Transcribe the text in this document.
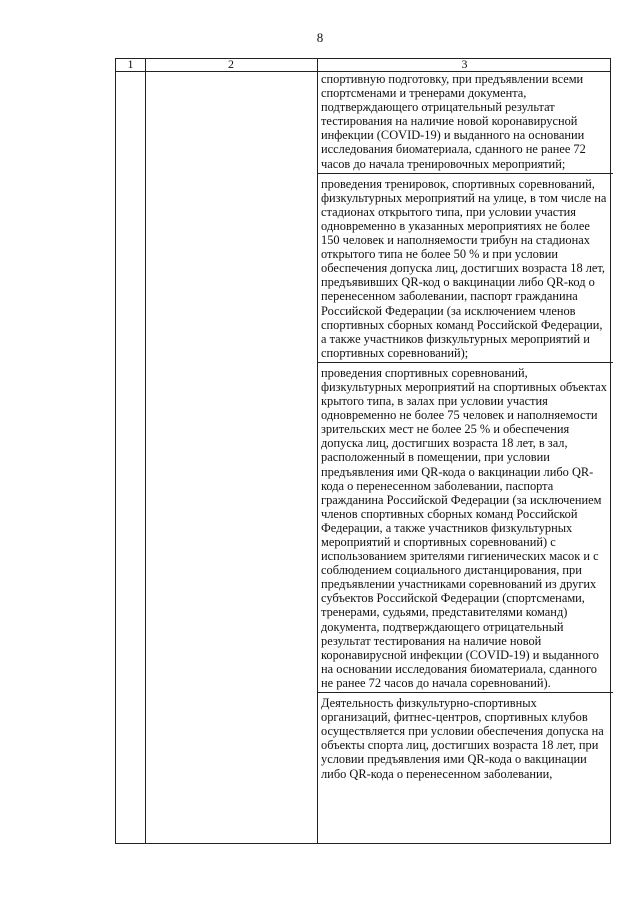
8
1	2	3

спортивную подготовку, при предъявлении всеми спортсменами и тренерами документа, подтверждающего отрицательный результат тестирования на наличие новой коронавирусной инфекции (COVID-19) и выданного на основании исследования биоматериала, сданного не ранее 72 часов до начала тренировочных мероприятий;

проведения тренировок, спортивных соревнований, физкультурных мероприятий на улице, в том числе на стадионах открытого типа, при условии участия одновременно в указанных мероприятиях не более 150 человек и наполняемости трибун на стадионах открытого типа не более 50 % и при условии обеспечения допуска лиц, достигших возраста 18 лет, предъявивших QR-код о вакцинации либо QR-код о перенесенном заболевании, паспорт гражданина Российской Федерации (за исключением членов спортивных сборных команд Российской Федерации, а также участников физкультурных мероприятий и спортивных соревнований);

проведения спортивных соревнований, физкультурных мероприятий на спортивных объектах крытого типа, в залах при условии участия одновременно не более 75 человек и наполняемости зрительских мест не более 25 % и обеспечения допуска лиц, достигших возраста 18 лет, в зал, расположенный в помещении, при условии предъявления ими QR-кода о вакцинации либо QR-кода о перенесенном заболевании, паспорта гражданина Российской Федерации (за исключением членов спортивных сборных команд Российской Федерации, а также участников физкультурных мероприятий и спортивных соревнований) с использованием зрителями гигиенических масок и с соблюдением социального дистанцирования, при предъявлении участниками соревнований из других субъектов Российской Федерации (спортсменами, тренерами, судьями, представителями команд) документа, подтверждающего отрицательный результат тестирования на наличие новой коронавирусной инфекции (COVID-19) и выданного на основании исследования биоматериала, сданного не ранее 72 часов до начала соревнований).

Деятельность физкультурно-спортивных организаций, фитнес-центров, спортивных клубов осуществляется при условии обеспечения допуска на объекты спорта лиц, достигших возраста 18 лет, при условии предъявления ими QR-кода о вакцинации либо QR-кода о перенесенном заболевании,
